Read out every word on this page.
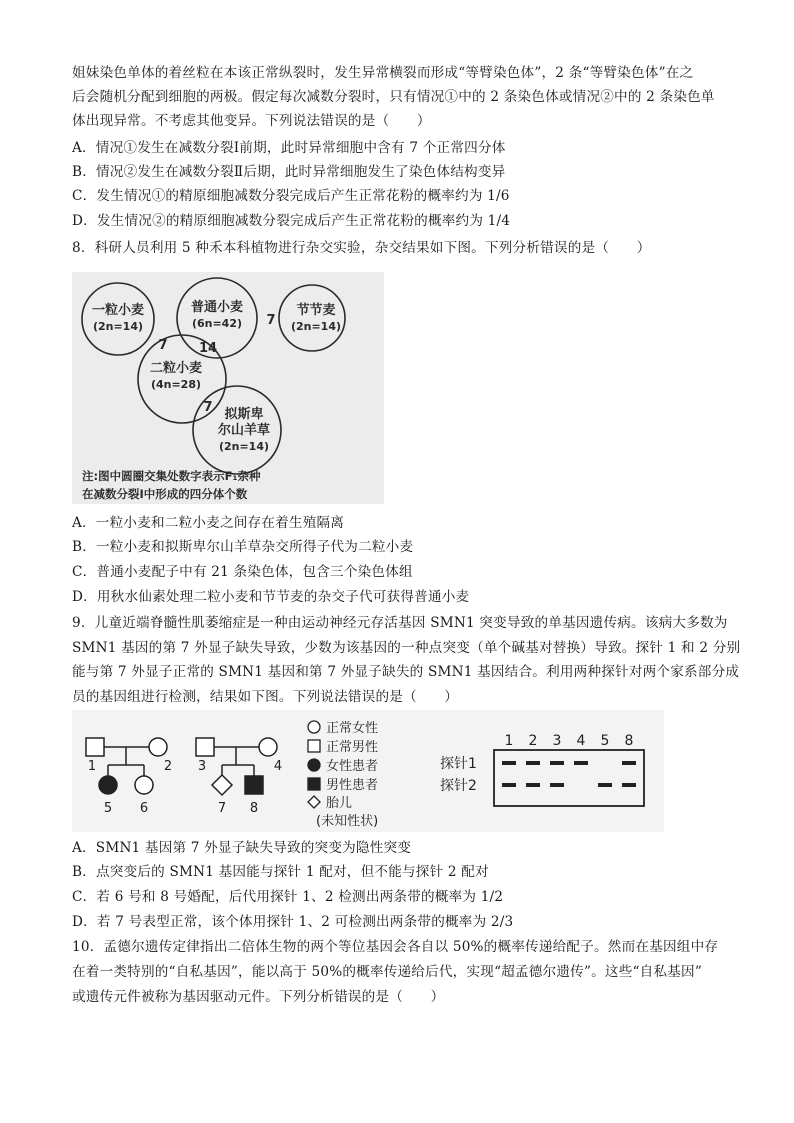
姐妹染色单体的着丝粒在本该正常纵裂时，发生异常横裂而形成“等臂染色体”，2 条“等臂染色体”在之
后会随机分配到细胞的两极。假定每次减数分裂时，只有情况①中的 2 条染色体或情况②中的 2 条染色单
体出现异常。不考虑其他变异。下列说法错误的是（　　）
A．情况①发生在减数分裂Ⅰ前期，此时异常细胞中含有 7 个正常四分体
B．情况②发生在减数分裂Ⅱ后期，此时异常细胞发生了染色体结构变异
C．发生情况①的精原细胞减数分裂完成后产生正常花粉的概率约为 1/6
D．发生情况②的精原细胞减数分裂完成后产生正常花粉的概率约为 1/4
8．科研人员利用 5 种禾本科植物进行杂交实验，杂交结果如下图。下列分析错误的是（　　）
一粒小麦
(2n=14)
普通小麦
(6n=42)
节节麦
(2n=14)
二粒小麦
(4n=28)
拟斯卑
尔山羊草
(2n=14)
7 14
7
7
注:图中圆圈交集处数字表示F₁杂种
在减数分裂Ⅰ中形成的四分体个数
A．一粒小麦和二粒小麦之间存在着生殖隔离
B．一粒小麦和拟斯卑尔山羊草杂交所得子代为二粒小麦
C．普通小麦配子中有 21 条染色体，包含三个染色体组
D．用秋水仙素处理二粒小麦和节节麦的杂交子代可获得普通小麦
9．儿童近端脊髓性肌萎缩症是一种由运动神经元存活基因 SMN1 突变导致的单基因遗传病。该病大多数为
SMN1 基因的第 7 外显子缺失导致，少数为该基因的一种点突变（单个碱基对替换）导致。探针 1 和 2 分别
能与第 7 外显子正常的 SMN1 基因和第 7 外显子缺失的 SMN1 基因结合。利用两种探针对两个家系部分成
员的基因组进行检测，结果如下图。下列说法错误的是（　　）
1	2
5 6
3	4
7 8
正常女性
正常男性
女性患者
男性患者
胎儿
(未知性状)
1 2 3 4 5 8
探针1
探针2
A．SMN1 基因第 7 外显子缺失导致的突变为隐性突变
B．点突变后的 SMN1 基因能与探针 1 配对，但不能与探针 2 配对
C．若 6 号和 8 号婚配，后代用探针 1、2 检测出两条带的概率为 1/2
D．若 7 号表型正常，该个体用探针 1、2 可检测出两条带的概率为 2/3
10．孟德尔遗传定律指出二倍体生物的两个等位基因会各自以 50%的概率传递给配子。然而在基因组中存
在着一类特别的“自私基因”，能以高于 50%的概率传递给后代，实现“超孟德尔遗传”。这些“自私基因”
或遗传元件被称为基因驱动元件。下列分析错误的是（　　）
